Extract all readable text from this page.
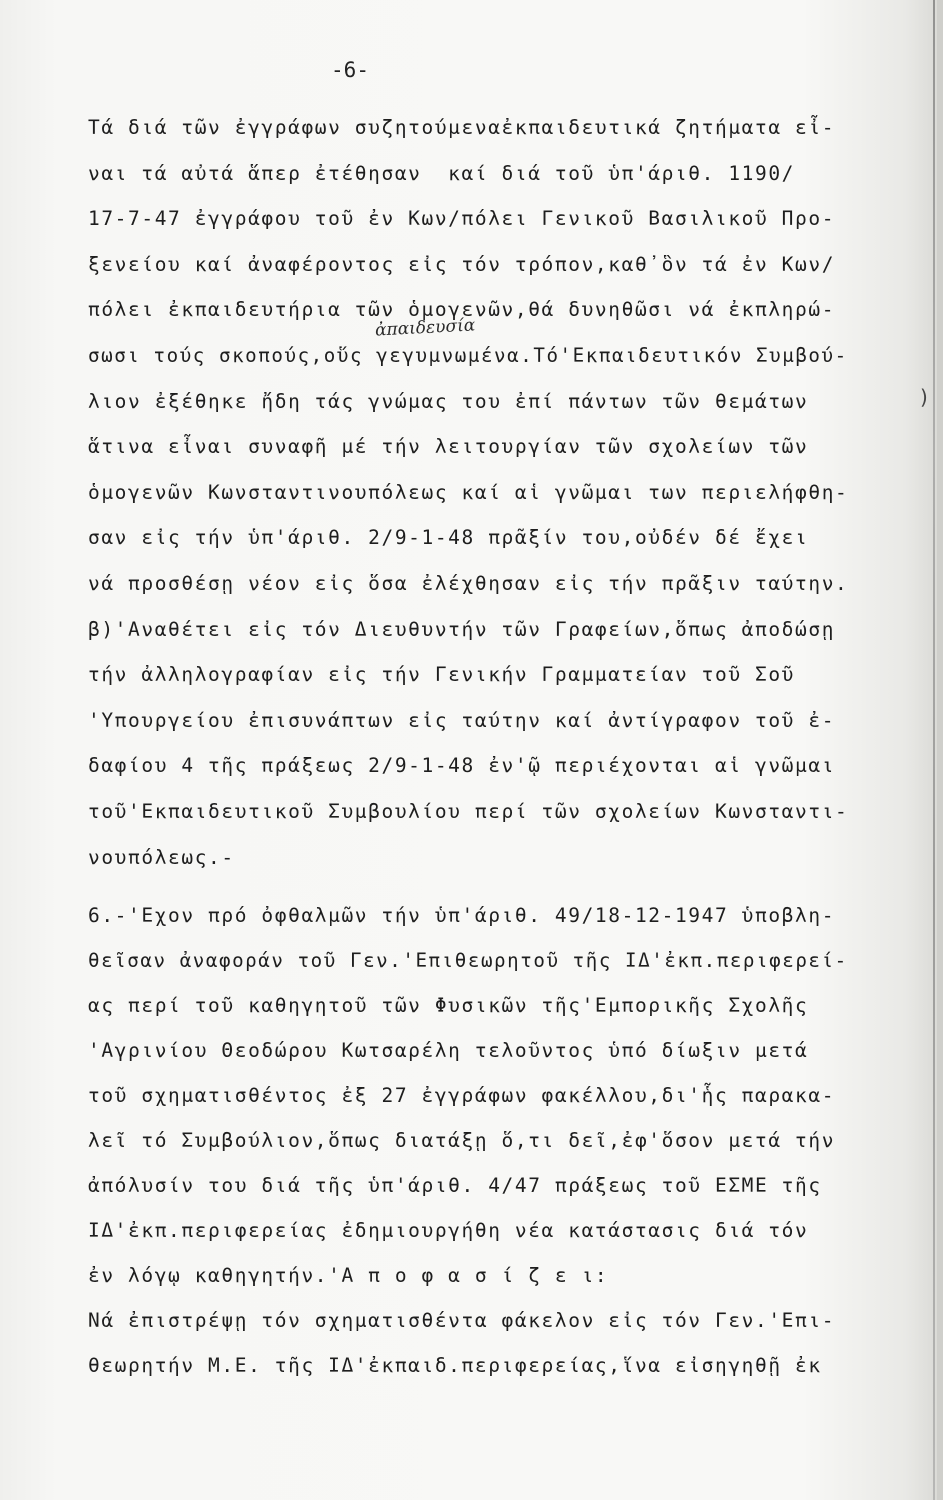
-6-
ἀπαιδευσία
Τά διά τῶν ἐγγράφων συζητούμεναἐκπαιδευτικά ζητήματα εἶ-
ναι τά αὐτά ἅπερ ἐτέθησαν  καί διά τοῦ ὑπ'άριθ. 1190/
17-7-47 ἐγγράφου τοῦ ἐν Κων/πόλει Γενικοῦ Βασιλικοῦ Προ-
ξενείου καί ἀναφέροντος εἰς τόν τρόπον,καθ᾽ὃν τά ἐν Κων/
πόλει ἐκπαιδευτήρια τῶν ὁμογενῶν,θά δυνηθῶσι νά ἐκπληρώ-
σωσι τούς σκοπούς,οὕς γεγυμνωμένα.Τό'Εκπαιδευτικόν Συμβού-
λιον ἐξέθηκε ἤδη τάς γνώμας του ἐπί πάντων τῶν θεμάτων
ἅτινα εἶναι συναφῆ μέ τήν λειτουργίαν τῶν σχολείων τῶν
ὁμογενῶν Κωνσταντινουπόλεως καί αἱ γνῶμαι των περιελήφθη-
σαν εἰς τήν ὑπ'άριθ. 2/9-1-48 πρᾶξίν του,οὐδέν δέ ἔχει
νά προσθέσῃ νέον εἰς ὅσα ἐλέχθησαν εἰς τήν πρᾶξιν ταύτην.
β)'Αναθέτει εἰς τόν Διευθυντήν τῶν Γραφείων,ὅπως ἀποδώσῃ
τήν ἀλληλογραφίαν εἰς τήν Γενικήν Γραμματείαν τοῦ Σοῦ
'Υπουργείου ἐπισυνάπτων εἰς ταύτην καί ἀντίγραφον τοῦ ἐ-
δαφίου 4 τῆς πράξεως 2/9-1-48 ἐν'ῷ περιέχονται αἱ γνῶμαι
τοῦ'Εκπαιδευτικοῦ Συμβουλίου περί τῶν σχολείων Κωνσταντι-
νουπόλεως.-
6.-'Εχον πρό ὀφθαλμῶν τήν ὑπ'άριθ. 49/18-12-1947 ὑποβλη-
θεῖσαν ἀναφοράν τοῦ Γεν.'Επιθεωρητοῦ τῆς ΙΔ'ἐκπ.περιφερεί-
ας περί τοῦ καθηγητοῦ τῶν Φυσικῶν τῆς'Εμπορικῆς Σχολῆς
'Αγρινίου Θεοδώρου Κωτσαρέλη τελοῦντος ὑπό δίωξιν μετά
τοῦ σχηματισθέντος ἐξ 27 ἐγγράφων φακέλλου,δι'ἧς παρακα-
λεῖ τό Συμβούλιον,ὅπως διατάξῃ ὅ,τι δεῖ,ἐφ'ὅσον μετά τήν
ἀπόλυσίν του διά τῆς ὑπ'άριθ. 4/47 πράξεως τοῦ ΕΣΜΕ τῆς
ΙΔ'ἐκπ.περιφερείας ἐδημιουργήθη νέα κατάστασις διά τόν
ἐν λόγῳ καθηγητήν.'Α π ο φ α σ ί ζ ε ι:
Νά ἐπιστρέψῃ τόν σχηματισθέντα φάκελον εἰς τόν Γεν.'Επι-
θεωρητήν Μ.Ε. τῆς ΙΔ'ἐκπαιδ.περιφερείας,ἵνα εἰσηγηθῇ ἐκ
)
